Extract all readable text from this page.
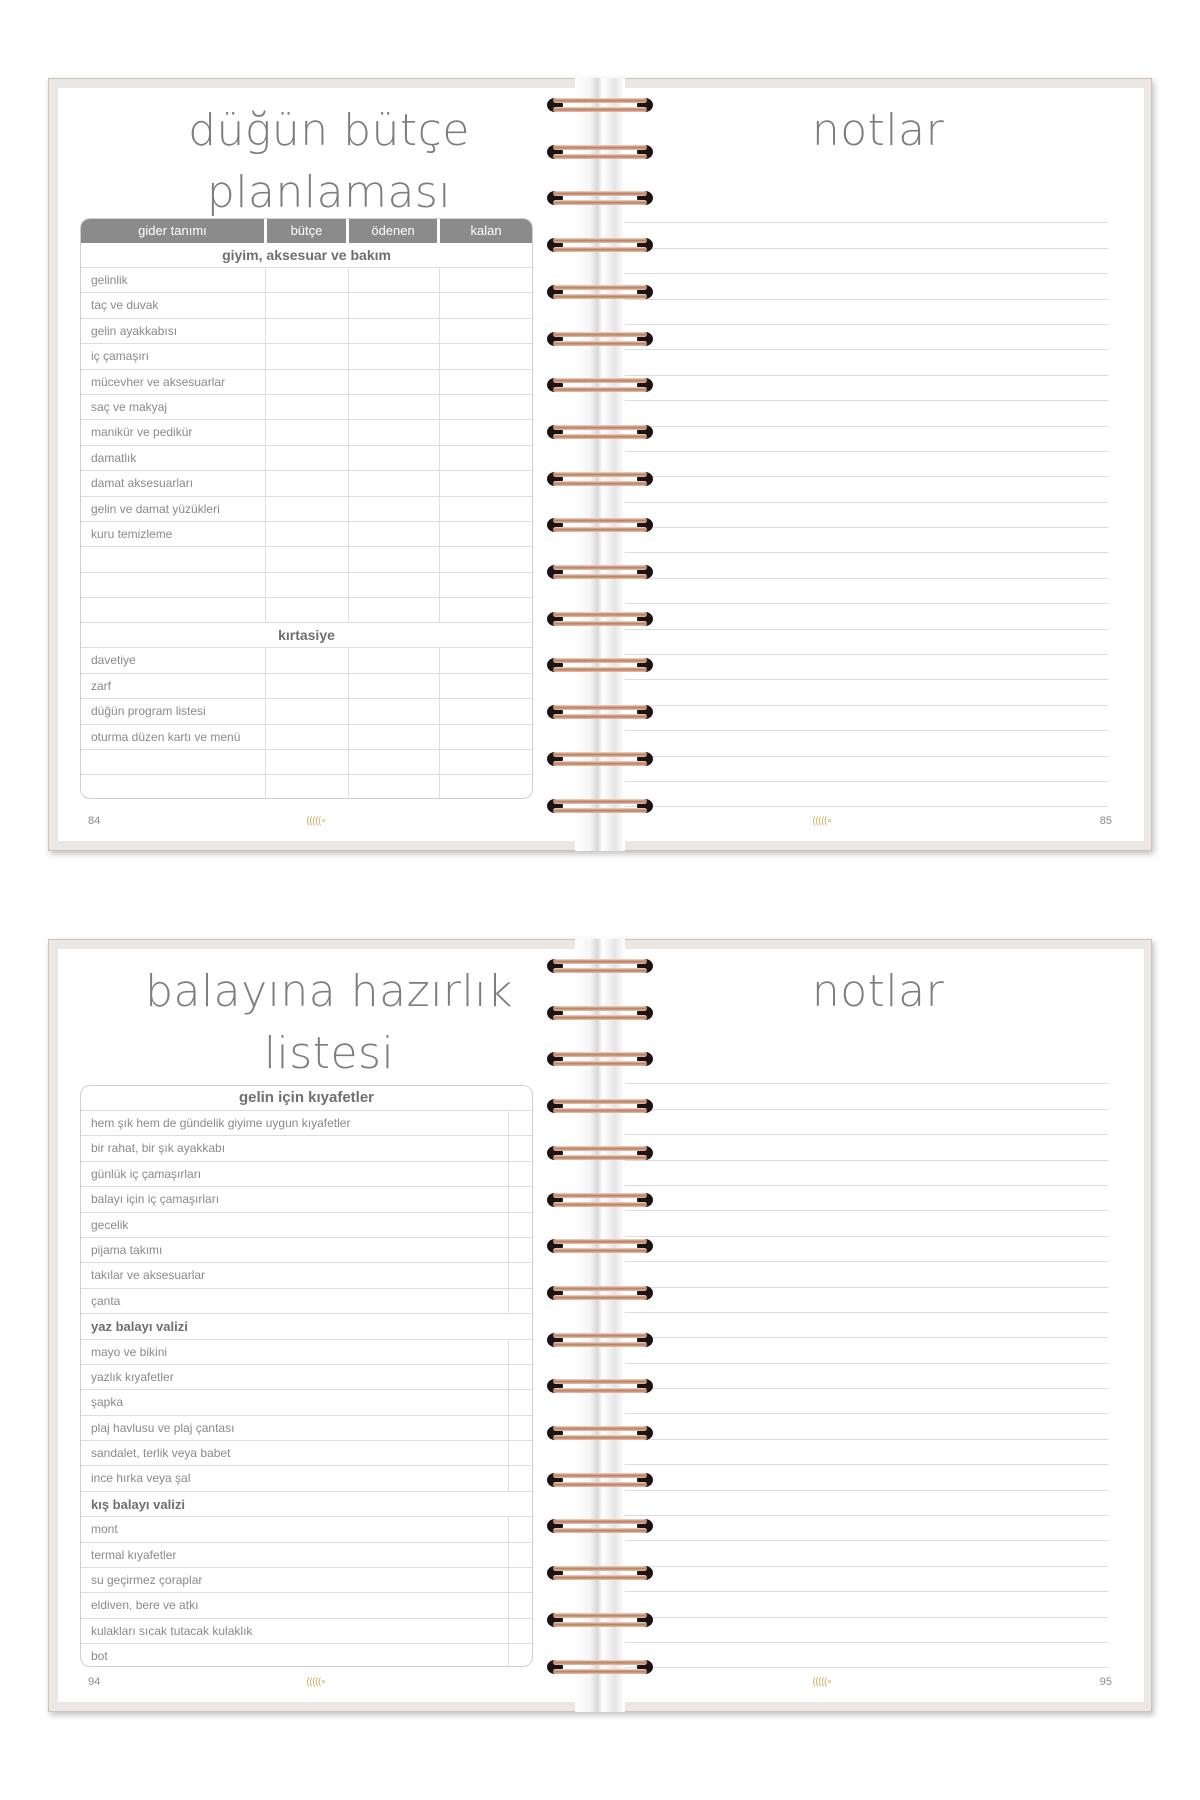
düğün bütçe
planlaması
84	⟨⟨⟨⟨⟨∘
notlar
85
⟨⟨⟨⟨⟨∘
gider tanımı	bütçe	ödenen	kalan
giyim, aksesuar ve bakım
gelinlik
taç ve duvak
gelin ayakkabısı
iç çamaşırı
mücevher ve aksesuarlar
saç ve makyaj
manikür ve pedikür
damatlık
damat aksesuarları
gelin ve damat yüzükleri
kuru temizleme
kırtasiye
davetiye
zarf
düğün program listesi
oturma düzen kartı ve menü
balayına hazırlık
listesi
94	⟨⟨⟨⟨⟨∘
notlar
95
⟨⟨⟨⟨⟨∘
gelin için kıyafetler
hem şık hem de gündelik giyime uygun kıyafetler
bir rahat, bir şık ayakkabı
günlük iç çamaşırları
balayı için iç çamaşırları
gecelik
pijama takımı
takılar ve aksesuarlar
çanta
yaz balayı valizi
mayo ve bikini
yazlık kıyafetler
şapka
plaj havlusu ve plaj çantası
sandalet, terlik veya babet
ince hırka veya şal
kış balayı valizi
mont
termal kıyafetler
su geçirmez çoraplar
eldiven, bere ve atkı
kulakları sıcak tutacak kulaklık
bot
